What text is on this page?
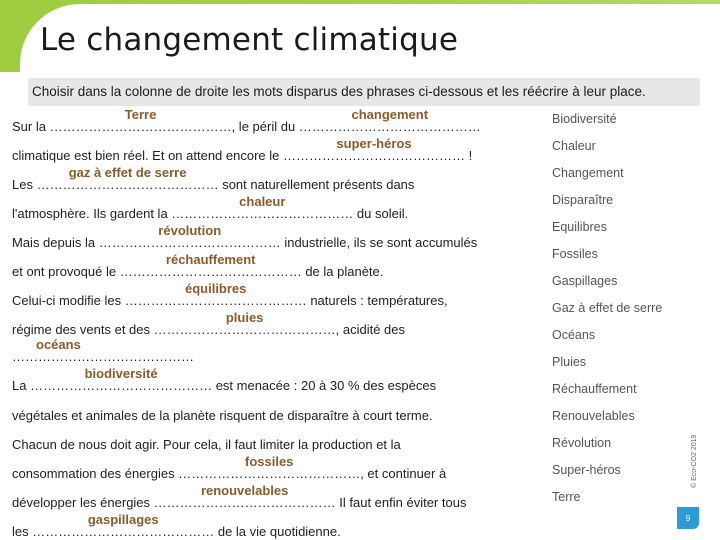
Le changement climatique
Choisir dans la colonne de droite les mots disparus des phrases ci-dessous et les réécrire à leur place.
Sur la
Terre
……………………………………, le péril du
changement
……………………………………
climatique est bien réel. Et on attend encore le
super-héros
…………………………………… !
Les
gaz à effet de serre
…………………………………… sont naturellement présents dans
l'atmosphère. Ils gardent la
chaleur
…………………………………… du soleil.
Mais depuis la
révolution
…………………………………… industrielle, ils se sont accumulés
et ont provoqué le
réchauffement
…………………………………… de la planète.
Celui-ci modifie les
équilibres
…………………………………… naturels : températures,
régime des vents et des
pluies
……………………………………, acidité des
océans
……………………………………
La
biodiversité
…………………………………… est menacée : 20 à 30 % des espèces
végétales et animales de la planète risquent de disparaître à court terme.
Chacun de nous doit agir. Pour cela, il faut limiter la production et la
consommation des énergies
fossiles
……………………………………, et continuer à
développer les énergies
renouvelables
…………………………………… Il faut enfin éviter tous
les
gaspillages
…………………………………… de la vie quotidienne.
Biodiversité
Chaleur
Changement
Disparaître
Equilibres
Fossiles
Gaspillages
Gaz à effet de serre
Océans
Pluies
Réchauffement
Renouvelables
Révolution
Super-héros
Terre
© Eco-CO2 2019
9
